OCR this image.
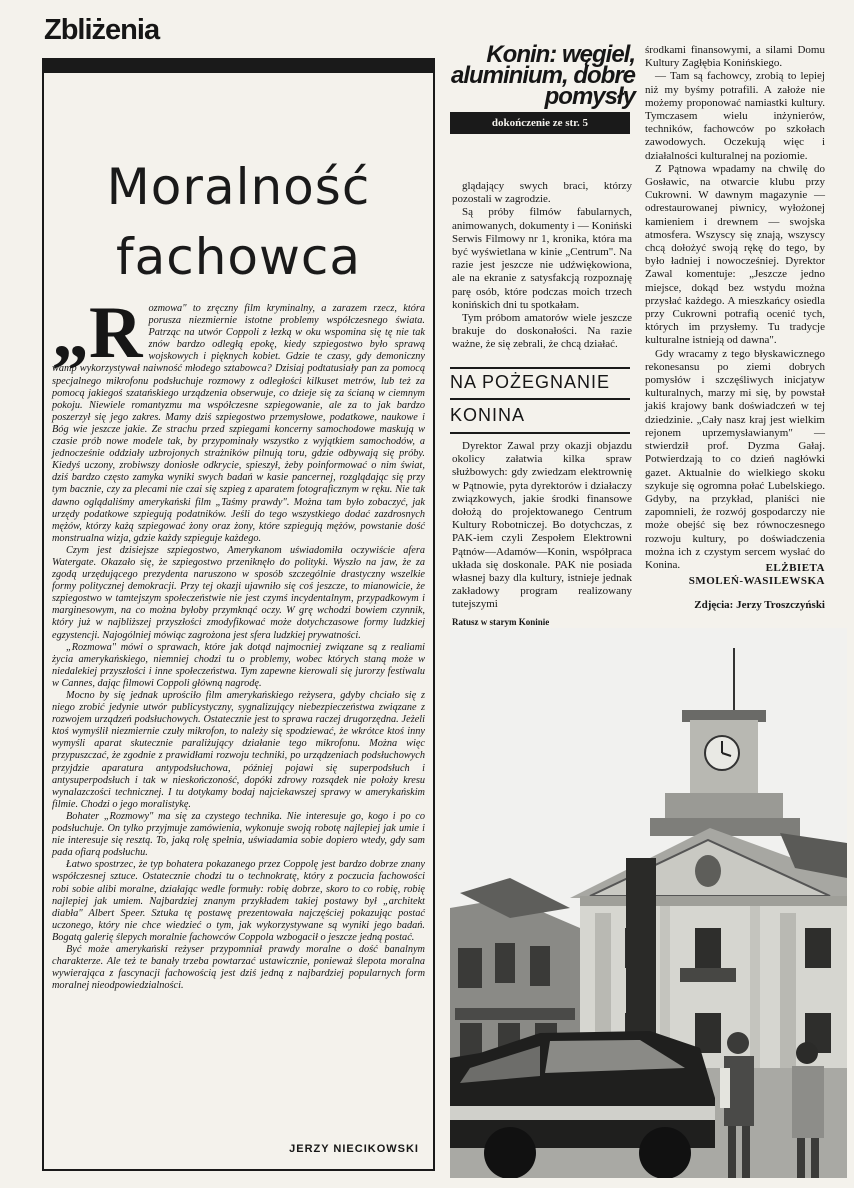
Zbliżenia
Moralność
fachowca
„R ozmowa" to zręczny film kryminalny, a zarazem rzecz, która porusza niezmiernie istotne problemy współczesnego świata. Patrząc na utwór Coppoli z łezką w oku wspomina się tę nie tak znów bardzo odległą epokę, kiedy szpiegostwo było sprawą wojskowych i pięknych kobiet. Gdzie te czasy, gdy demoniczny wamp wykorzystywał naiwność młodego sztabowca? Dzisiaj podtatusiały pan za pomocą specjalnego mikrofonu podsłuchuje rozmowy z odległości kilkuset metrów, lub też za pomocą jakiegoś szatańskiego urządzenia obserwuje, co dzieje się za ścianą w ciemnym pokoju. Niewiele romantyzmu ma współczesne szpiegowanie, ale za to jak bardzo poszerzył się jego zakres. Mamy dziś szpiegostwo przemysłowe, podatkowe, naukowe i Bóg wie jeszcze jakie. Ze strachu przed szpiegami koncerny samochodowe maskują w czasie prób nowe modele tak, by przypominały wszystko z wyjątkiem samochodów, a jednocześnie oddziały uzbrojonych strażników pilnują toru, gdzie odbywają się próby. Kiedyś uczony, zrobiwszy doniosłe odkrycie, spieszył, żeby poinformować o nim świat, dziś bardzo często zamyka wyniki swych badań w kasie pancernej, rozglądając się przy tym bacznie, czy za plecami nie czai się szpieg z aparatem fotograficznym w ręku. Nie tak dawno oglądaliśmy amerykański film „Taśmy prawdy". Można tam było zobaczyć, jak urzędy podatkowe szpiegują podatników. Jeśli do tego wszystkiego dodać zazdrosnych mężów, którzy każą szpiegować żony oraz żony, które szpiegują mężów, powstanie dość monstrualna wizja, gdzie każdy szpieguje każdego.

Czym jest dzisiejsze szpiegostwo, Amerykanom uświadomiła oczywiście afera Watergate. Okazało się, że szpiegostwo przeniknęło do polityki. Wyszło na jaw, że za zgodą urzędującego prezydenta naruszono w sposób szczególnie drastyczny wszelkie formy politycznej demokracji. Przy tej okazji ujawniło się coś jeszcze, to mianowicie, że szpiegostwo w tamtejszym społeczeństwie nie jest czymś incydentalnym, przypadkowym i marginesowym, na co można byłoby przymknąć oczy. W grę wchodzi bowiem czynnik, który już w najbliższej przyszłości zmodyfikować może dotychczasowe formy ludzkiej egzystencji. Najogólniej mówiąc zagrożona jest sfera ludzkiej prywatności.

„Rozmowa" mówi o sprawach, które jak dotąd najmocniej związane są z realiami życia amerykańskiego, niemniej chodzi tu o problemy, wobec których staną może w niedalekiej przyszłości i inne społeczeństwa. Tym zapewne kierowali się jurorzy festiwalu w Cannes, dając filmowi Coppoli główną nagrodę.

Mocno by się jednak uprościło film amerykańskiego reżysera, gdyby chciało się z niego zrobić jedynie utwór publicystyczny, sygnalizujący niebezpieczeństwa związane z rozwojem urządzeń podsłuchowych. Ostatecznie jest to sprawa raczej drugorzędna. Jeżeli ktoś wymyślił niezmiernie czuły mikrofon, to należy się spodziewać, że wkrótce ktoś inny wymyśli aparat skutecznie paraliżujący działanie tego mikrofonu. Można więc przypuszczać, że zgodnie z prawidłami rozwoju techniki, po urządzeniach podsłuchowych przyjdzie aparatura antypodsłuchowa, później pojawi się superpodsłuch i antysuperpodsłuch i tak w nieskończoność, dopóki zdrowy rozsądek nie położy kresu wynalazczości technicznej. I tu dotykamy bodaj najciekawszej sprawy w amerykańskim filmie. Chodzi o jego moralistykę.

Bohater „Rozmowy" ma się za czystego technika. Nie interesuje go, kogo i po co podsłuchuje. On tylko przyjmuje zamówienia, wykonuje swoją robotę najlepiej jak umie i nie interesuje się resztą. To, jaką rolę spełnia, uświadamia sobie dopiero wtedy, gdy sam pada ofiarą podsłuchu.

Łatwo spostrzec, że typ bohatera pokazanego przez Coppolę jest bardzo dobrze znany współczesnej sztuce. Ostatecznie chodzi tu o technokratę, który z poczucia fachowości robi sobie alibi moralne, działając wedle formuły: robię dobrze, skoro to co robię, robię najlepiej jak umiem. Najbardziej znanym przykładem takiej postawy był „architekt diabła" Albert Speer. Sztuka tę postawę prezentowała najczęściej pokazując postać uczonego, który nie chce wiedzieć o tym, jak wykorzystywane są wyniki jego badań. Bogatą galerię ślepych moralnie fachowców Coppola wzbogacił o jeszcze jedną postać.

Być może amerykański reżyser przypomniał prawdy moralne o dość banalnym charakterze. Ale też te banały trzeba powtarzać ustawicznie, ponieważ ślepota moralna wywierająca z fascynacji fachowością jest dziś jedną z najbardziej popularnych form moralnej nieodpowiedzialności.

JERZY NIECIKOWSKI
Konin: węgiel, aluminium, dobre pomysły
dokończenie ze str. 5

glądający swych braci, którzy pozostali w zagrodzie.

Są próby filmów fabularnych, animowanych, dokumenty i — Koniński Serwis Filmowy nr 1, kronika, która ma być wyświetlana w kinie „Centrum". Na razie jest jeszcze nie udźwiękowiona, ale na ekranie z satysfakcją rozpoznaję parę osób, które podczas moich trzech konińskich dni tu spotkałam.

Tym próbom amatorów wiele jeszcze brakuje do doskonałości. Na razie ważne, że się zebrali, że chcą działać.

NA POŻEGNANIE
KONINA

Dyrektor Zawal przy okazji objazdu okolicy załatwia kilka spraw służbowych: gdy zwiedzam elektrownię w Pątnowie, pyta dyrektorów i działaczy związkowych, jakie środki finansowe dołożą do projektowanego Centrum Kultury Robotniczej. Bo dotychczas, z PAK-iem czyli Zespołem Elektrowni Pątnów—Adamów—Konin, współpraca układa się doskonale. PAK nie posiada własnej bazy dla kultury, istnieje jednak zakładowy program realizowany tutejszymi

środkami finansowymi, a silami Domu Kultury Zagłębia Konińskiego.

— Tam są fachowcy, zrobią to lepiej niż my byśmy potrafili. A założe nie możemy proponować namiastki kultury. Tymczasem wielu inżynierów, techników, fachowców po szkołach zawodowych. Oczekują więc i działalności kulturalnej na poziomie.

Z Pątnowa wpadamy na chwilę do Gosławic, na otwarcie klubu przy Cukrowni. W dawnym magazynie — odrestaurowanej piwnicy, wyłożonej kamieniem i drewnem — swojska atmosfera. Wszyscy się znają, wszyscy chcą dołożyć swoją rękę do tego, by było ładniej i nowocześniej. Dyrektor Zawal komentuje: „Jeszcze jedno miejsce, dokąd bez wstydu można przysłać każdego. A mieszkańcy osiedla przy Cukrowni potrafią ocenić tych, których im przysłemy. Tu tradycje kulturalne istnieją od dawna".

Gdy wracamy z tego błyskawicznego rekonesansu po ziemi dobrych pomysłów i szczęśliwych inicjatyw kulturalnych, marzy mi się, by powstał jakiś krajowy bank doświadczeń w tej dziedzinie. „Cały nasz kraj jest wielkim rejonem uprzemysławianym" — stwierdził prof. Dyzma Gałaj. Potwierdzają to co dzień nagłówki gazet. Aktualnie do wielkiego skoku szykuje się ogromna połać Lubelskiego. Gdyby, na przykład, planiści nie zapomnieli, że rozwój gospodarczy nie może obejść się bez równoczesnego rozwoju kultury, po doświadczenia można ich z czystym sercem wysłać do Konina.	ELŻBIETA
SMOLEŃ-WASILEWSKA
Zdjęcia: Jerzy Troszczyński
Ratusz w starym Koninie
